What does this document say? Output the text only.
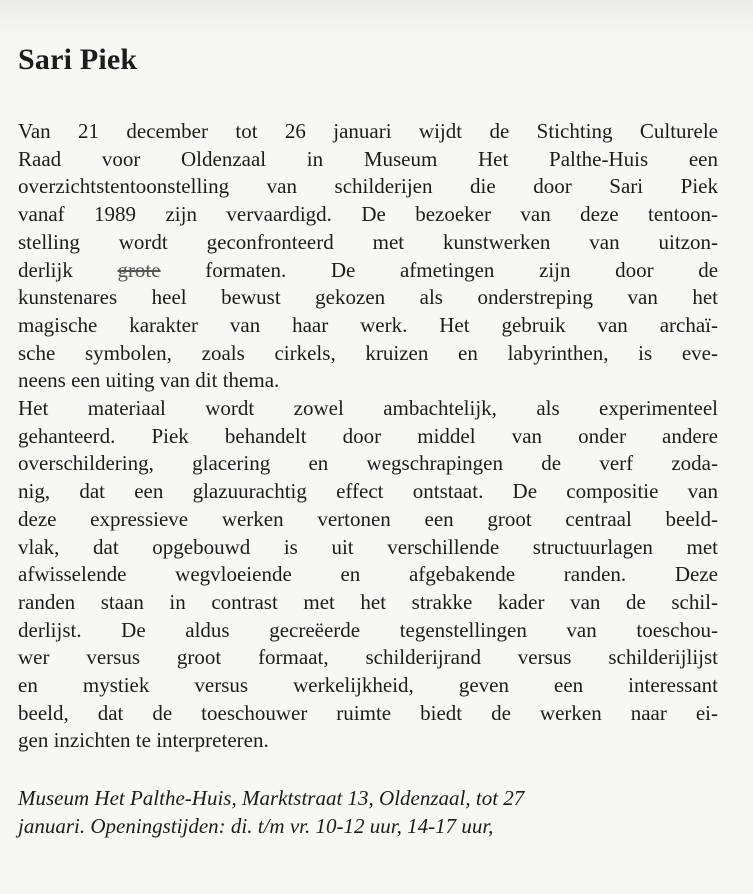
Sari Piek
Van 21 december tot 26 januari wijdt de Stichting Culturele
Raad voor Oldenzaal in Museum Het Palthe-Huis een
overzichtstentoonstelling van schilderijen die door Sari Piek
vanaf 1989 zijn vervaardigd. De bezoeker van deze tentoon-
stelling wordt geconfronteerd met kunstwerken van uitzon-
derlijk grote formaten. De afmetingen zijn door de
kunstenares heel bewust gekozen als onderstreping van het
magische karakter van haar werk. Het gebruik van archaï-
sche symbolen, zoals cirkels, kruizen en labyrinthen, is eve-
neens een uiting van dit thema.
Het materiaal wordt zowel ambachtelijk, als experimenteel
gehanteerd. Piek behandelt door middel van onder andere
overschildering, glacering en wegschrapingen de verf zoda-
nig, dat een glazuurachtig effect ontstaat. De compositie van
deze expressieve werken vertonen een groot centraal beeld-
vlak, dat opgebouwd is uit verschillende structuurlagen met
afwisselende wegvloeiende en afgebakende randen. Deze
randen staan in contrast met het strakke kader van de schil-
derlijst. De aldus gecreëerde tegenstellingen van toeschou-
wer versus groot formaat, schilderijrand versus schilderijlijst
en mystiek versus werkelijkheid, geven een interessant
beeld, dat de toeschouwer ruimte biedt de werken naar ei-
gen inzichten te interpreteren.
Museum Het Palthe-Huis, Marktstraat 13, Oldenzaal, tot 27
januari. Openingstijden: di. t/m vr. 10-12 uur, 14-17 uur,
